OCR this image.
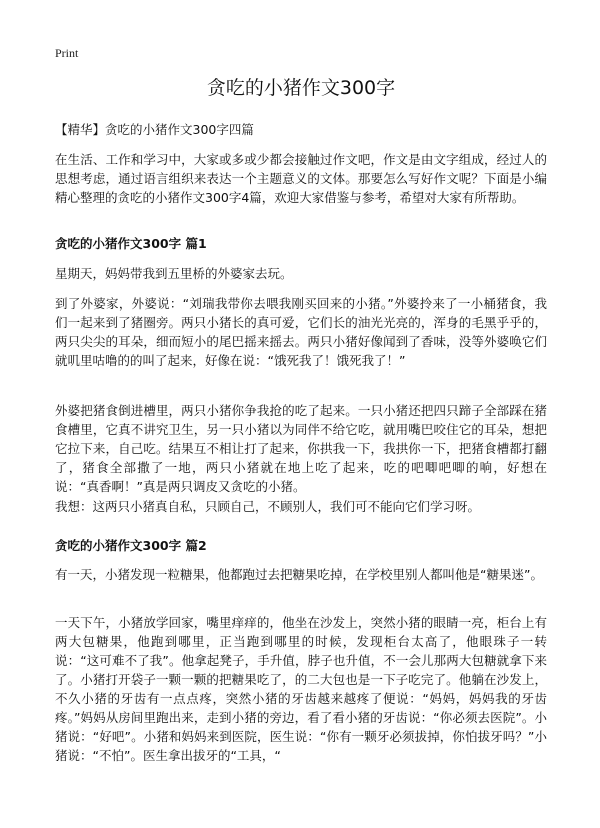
Print
贪吃的小猪作文300字
【精华】贪吃的小猪作文300字四篇

在生活、工作和学习中，大家或多或少都会接触过作文吧，作文是由文字组成，经过人的思想考虑，通过语言组织来表达一个主题意义的文体。那要怎么写好作文呢？下面是小编精心整理的贪吃的小猪作文300字4篇，欢迎大家借鉴与参考，希望对大家有所帮助。

贪吃的小猪作文300字 篇1

星期天，妈妈带我到五里桥的外婆家去玩。

到了外婆家，外婆说：“刘瑞我带你去喂我刚买回来的小猪。”外婆拎来了一小桶猪食，我们一起来到了猪圈旁。两只小猪长的真可爱，它们长的油光光亮的，浑身的毛黑乎乎的，两只尖尖的耳朵，细而短小的尾巴摇来摇去。两只小猪好像闻到了香味，没等外婆唤它们就叽里咕噜的的叫了起来，好像在说：“饿死我了！饿死我了！”

外婆把猪食倒进槽里，两只小猪你争我抢的吃了起来。一只小猪还把四只蹄子全部踩在猪食槽里，它真不讲究卫生，另一只小猪以为同伴不给它吃，就用嘴巴咬住它的耳朵，想把它拉下来，自己吃。结果互不相让打了起来，你拱我一下，我拱你一下，把猪食槽都打翻了，猪食全部撒了一地，两只小猪就在地上吃了起来，吃的吧唧吧唧的响，好想在说：“真香啊！”真是两只调皮又贪吃的小猪。

我想：这两只小猪真自私，只顾自己，不顾别人，我们可不能向它们学习呀。

贪吃的小猪作文300字 篇2

有一天，小猪发现一粒糖果，他都跑过去把糖果吃掉，在学校里别人都叫他是“糖果迷”。

一天下午，小猪放学回家，嘴里痒痒的，他坐在沙发上，突然小猪的眼睛一亮，柜台上有两大包糖果，他跑到哪里，正当跑到哪里的时候，发现柜台太高了，他眼珠子一转说：“这可难不了我”。他拿起凳子，手升值，脖子也升值，不一会儿那两大包糖就拿下来了。小猪打开袋子一颗一颗的把糖果吃了，的二大包也是一下子吃完了。他躺在沙发上，不久小猪的牙齿有一点点疼，突然小猪的牙齿越来越疼了便说：“妈妈，妈妈我的牙齿疼。”妈妈从房间里跑出来，走到小猪的旁边，看了看小猪的牙齿说：“你必须去医院”。小猪说：“好吧”。小猪和妈妈来到医院，医生说：“你有一颗牙必须拔掉，你怕拔牙吗？”小猪说：“不怕”。医生拿出拔牙的“工具，“
